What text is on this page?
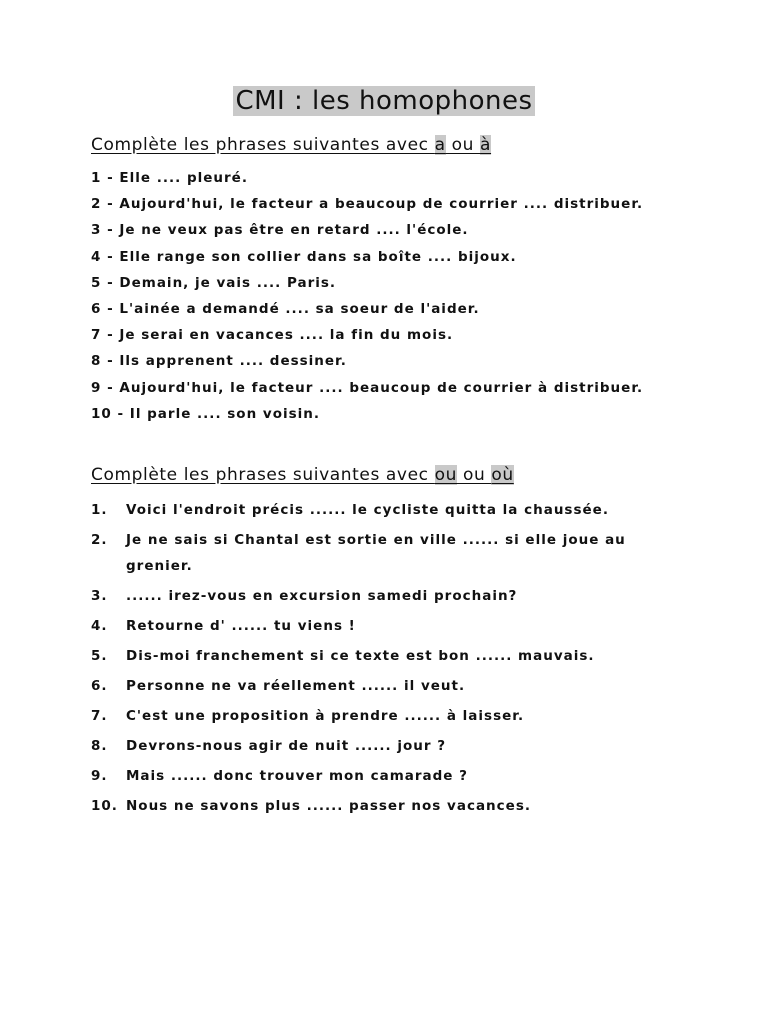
CMI : les homophones
Complète les phrases suivantes avec a ou à
1 - Elle .... pleuré.
2 - Aujourd'hui, le facteur a beaucoup de courrier .... distribuer.
3 - Je ne veux pas être en retard .... l'école.
4 - Elle range son collier dans sa boîte .... bijoux.
5 - Demain, je vais .... Paris.
6 - L'ainée a demandé .... sa soeur de l'aider.
7 - Je serai en vacances .... la fin du mois.
8 - Ils apprenent .... dessiner.
9 - Aujourd'hui, le facteur .... beaucoup de courrier à distribuer.
10 - Il parle .... son voisin.
Complète les phrases suivantes avec ou ou où
1.	Voici l'endroit précis ...... le cycliste quitta la chaussée.
2.	Je ne sais si Chantal est sortie en ville ...... si elle joue au grenier.
3.	...... irez-vous en excursion samedi prochain?
4.	Retourne d' ...... tu viens !
5.	Dis-moi franchement si ce texte est bon ...... mauvais.
6.	Personne ne va réellement ...... il veut.
7.	C'est une proposition à prendre ...... à laisser.
8.	Devrons-nous agir de nuit ...... jour ?
9.	Mais ...... donc trouver mon camarade ?
10. Nous ne savons plus ...... passer nos vacances.
